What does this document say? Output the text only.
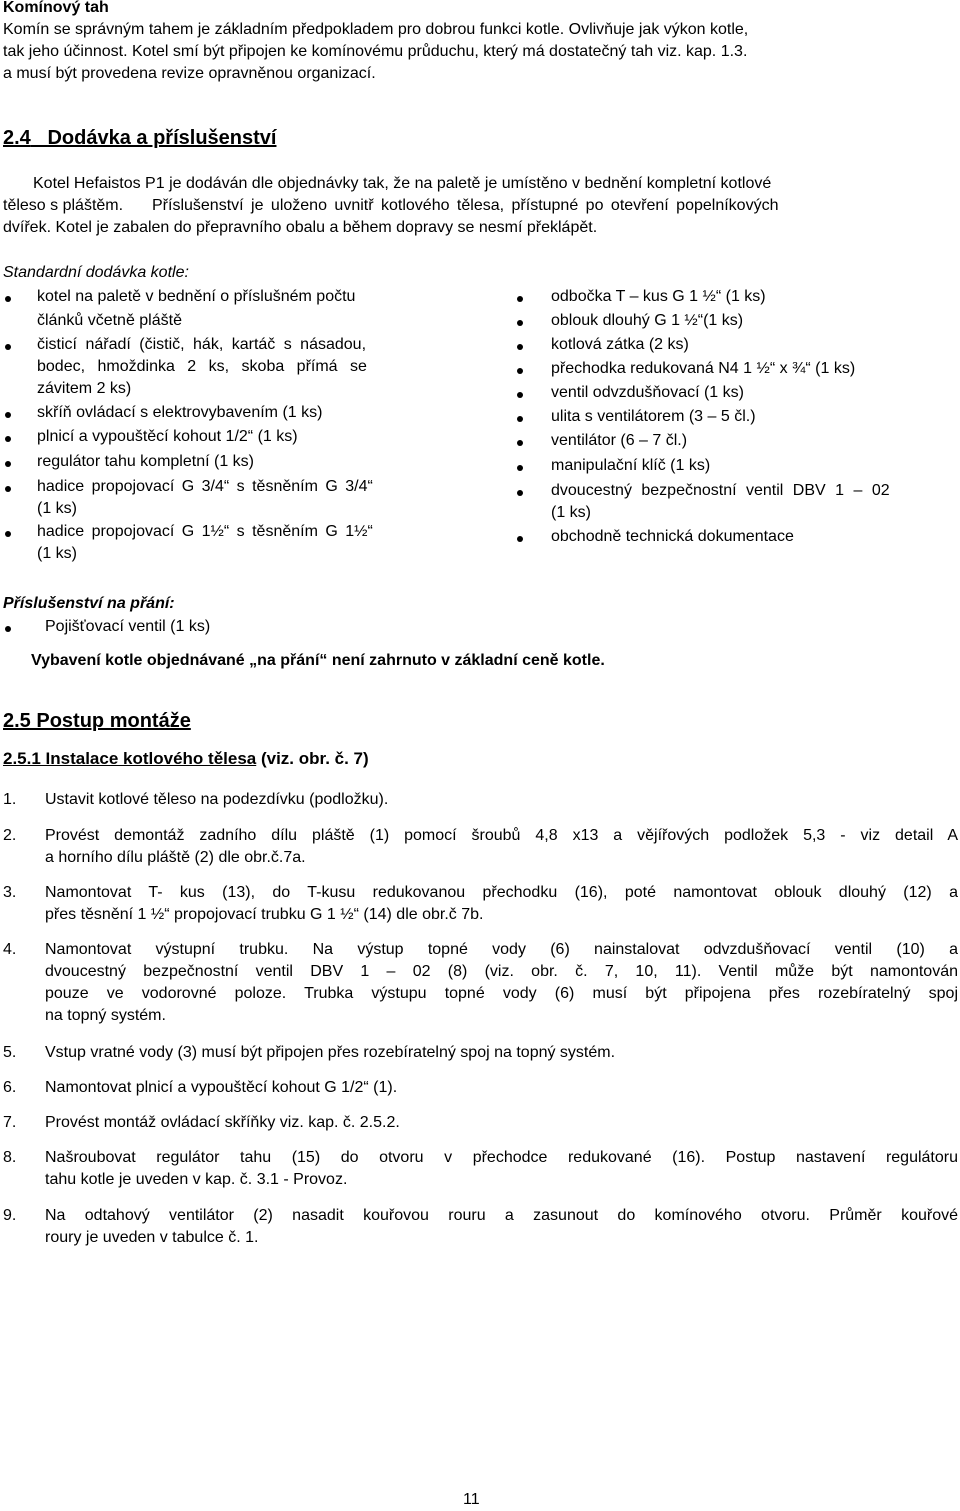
Komínový tah
Komín se správným tahem je základním předpokladem pro dobrou funkci kotle. Ovlivňuje jak výkon kotle,
tak jeho účinnost. Kotel smí být připojen ke komínovému průduchu, který má dostatečný tah viz. kap. 1.3.
a musí být provedena revize opravněnou organizací.
2.4 Dodávka a příslušenství
Kotel Hefaistos P1 je dodáván dle objednávky tak, že na paletě je umístěno v bednění kompletní kotlové
těleso s pláštěm. Příslušenství je uloženo uvnitř kotlového tělesa, přístupné po otevření popelníkových
dvířek. Kotel je zabalen do přepravního obalu a během dopravy se nesmí překlápět.
Standardní dodávka kotle:
kotel na paletě v bednění o příslušném počtu
článků včetně pláště
čisticí nářadí (čistič, hák, kartáč s násadou,
bodec, hmoždinka 2 ks, skoba přímá se
závitem 2 ks)
skříň ovládací s elektrovybavením (1 ks)
plnicí a vypouštěcí kohout 1/2“ (1 ks)
regulátor tahu kompletní (1 ks)
hadice propojovací G 3/4“ s těsněním G 3/4“
(1 ks)
hadice propojovací G 1½“ s těsněním G 1½“
(1 ks)
odbočka T – kus G 1 ½“ (1 ks)
oblouk dlouhý G 1 ½“(1 ks)
kotlová zátka (2 ks)
přechodka redukovaná N4 1 ½“ x ¾“ (1 ks)
ventil odvzdušňovací (1 ks)
ulita s ventilátorem (3 – 5 čl.)
ventilátor (6 – 7 čl.)
manipulační klíč (1 ks)
dvoucestný bezpečnostní ventil DBV 1 – 02
(1 ks)
obchodně technická dokumentace
Příslušenství na přání:
Pojišťovací ventil (1 ks)
Vybavení kotle objednávané „na přání“ není zahrnuto v základní ceně kotle.
2.5 Postup montáže
2.5.1 Instalace kotlového tělesa (viz. obr. č. 7)
1.	Ustavit kotlové těleso na podezdívku (podložku).
2.	Provést demontáž zadního dílu pláště (1) pomocí šroubů 4,8 x13 a vějířových podložek 5,3 - viz detail A
a horního dílu pláště (2) dle obr.č.7a.
3.	Namontovat T- kus (13), do T-kusu redukovanou přechodku (16), poté namontovat oblouk dlouhý (12) a
přes těsnění 1 ½“ propojovací trubku G 1 ½“ (14) dle obr.č 7b.
4.	Namontovat výstupní trubku. Na výstup topné vody (6) nainstalovat odvzdušňovací ventil (10) a
dvoucestný bezpečnostní ventil DBV 1 – 02 (8) (viz. obr. č. 7, 10, 11). Ventil může být namontován
pouze ve vodorovné poloze. Trubka výstupu topné vody (6) musí být připojena přes rozebíratelný spoj
na topný systém.
5.	Vstup vratné vody (3) musí být připojen přes rozebíratelný spoj na topný systém.
6.	Namontovat plnicí a vypouštěcí kohout G 1/2“ (1).
7.	Provést montáž ovládací skříňky viz. kap. č. 2.5.2.
8.	Našroubovat regulátor tahu (15) do otvoru v přechodce redukované (16). Postup nastavení regulátoru
tahu kotle je uveden v kap. č. 3.1 - Provoz.
9.	Na odtahový ventilátor (2) nasadit kouřovou rouru a zasunout do komínového otvoru. Průměr kouřové
roury je uveden v tabulce č. 1.
11
